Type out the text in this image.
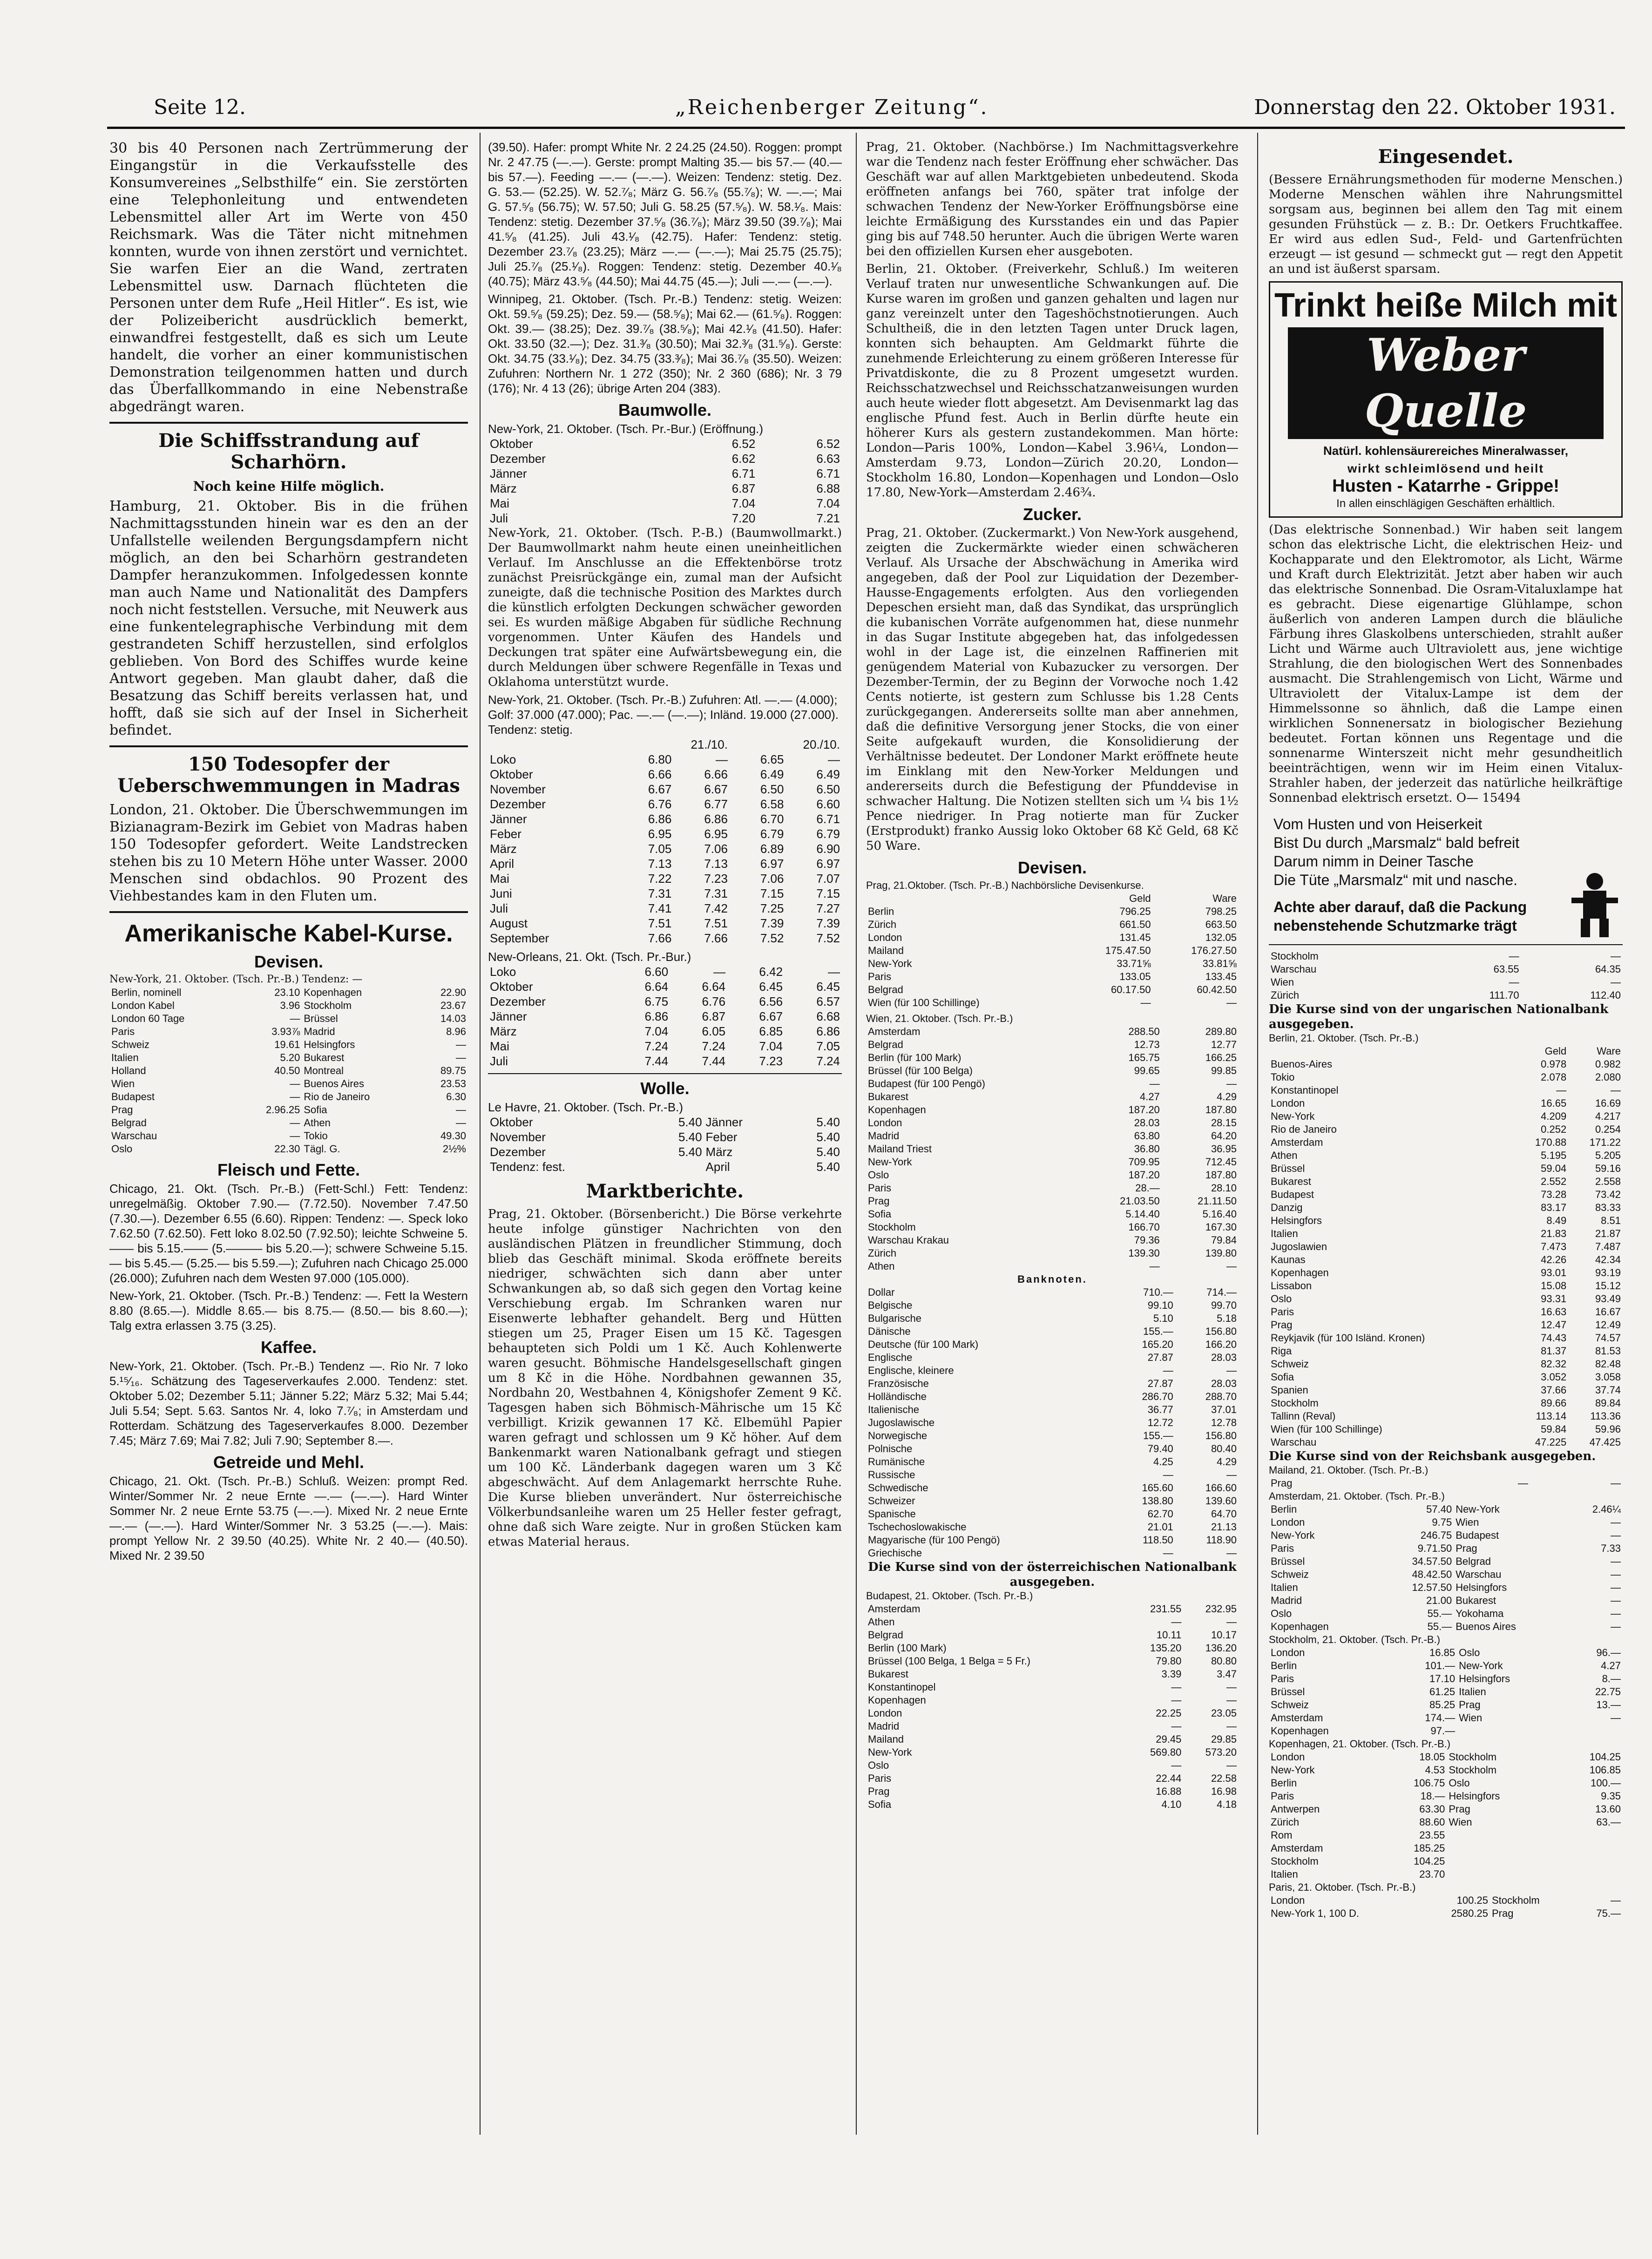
Seite 12.	„Reichenberger Zeitung“.	Donnerstag den 22. Oktober 1931.

30 bis 40 Personen nach Zertrümmerung der Eingangstür in die Verkaufsstelle des Konsumvereines „Selbsthilfe“ ein. Sie zerstörten eine Telephonleitung und entwendeten Lebensmittel aller Art im Werte von 450 Reichsmark. Was die Täter nicht mitnehmen konnten, wurde von ihnen zerstört und vernichtet. Sie warfen Eier an die Wand, zertraten Lebensmittel usw. Darnach flüchteten die Personen unter dem Rufe „Heil Hitler“. Es ist, wie der Polizeibericht ausdrücklich bemerkt, einwandfrei festgestellt, daß es sich um Leute handelt, die vorher an einer kommunistischen Demonstration teilgenommen hatten und durch das Überfallkommando in eine Nebenstraße abgedrängt waren.

Die Schiffsstrandung auf Scharhörn.
Noch keine Hilfe möglich.

Hamburg, 21. Oktober. Bis in die frühen Nachmittagsstunden hinein war es den an der Unfallstelle weilenden Bergungsdampfern nicht möglich, an den bei Scharhörn gestrandeten Dampfer heranzukommen. Infolgedessen konnte man auch Name und Nationalität des Dampfers noch nicht feststellen. Versuche, mit Neuwerk aus eine funkentelegraphische Verbindung mit dem gestrandeten Schiff herzustellen, sind erfolglos geblieben. Von Bord des Schiffes wurde keine Antwort gegeben. Man glaubt daher, daß die Besatzung das Schiff bereits verlassen hat, und hofft, daß sie sich auf der Insel in Sicherheit befindet.

150 Todesopfer der Ueberschwemmungen in Madras

London, 21. Oktober. Die Überschwemmungen im Bizianagram-Bezirk im Gebiet von Madras haben 150 Todesopfer gefordert. Weite Landstrecken stehen bis zu 10 Metern Höhe unter Wasser. 2000 Menschen sind obdachlos. 90 Prozent des Viehbestandes kam in den Fluten um.

Amerikanische Kabel-Kurse.
Devisen.
New-York, 21. Oktober. (Tsch. Pr.-B.) Tendenz: —
Berlin, nominell	23.10	Kopenhagen	22.90
London Kabel	3.96	Stockholm	23.67
London 60 Tage	—	Brüssel	14.03
Paris	3.93⅞	Madrid	8.96
Schweiz	19.61	Helsingfors	—
Italien	5.20	Bukarest	—
Holland	40.50	Montreal	89.75
Wien	—	Buenos Aires	23.53
Budapest	—	Rio de Janeiro	6.30
Prag	2.96.25	Sofia	—
Belgrad	—	Athen	—
Warschau	—	Tokio	49.30
Oslo	22.30	Tägl. G.	2½%
Fleisch und Fette.

Chicago, 21. Okt. (Tsch. Pr.-B.) (Fett-Schl.) Fett: Tendenz: unregelmäßig. Oktober 7.90.— (7.72.50). November 7.47.50 (7.30.—). Dezember 6.55 (6.60). Rippen: Tendenz: —. Speck loko 7.62.50 (7.62.50). Fett loko 8.02.50 (7.92.50); leichte Schweine 5.—— bis 5.15.—— (5.——— bis 5.20.—); schwere Schweine 5.15.— bis 5.45.— (5.25.— bis 5.59.—); Zufuhren nach Chicago 25.000 (26.000); Zufuhren nach dem Westen 97.000 (105.000).

New-York, 21. Oktober. (Tsch. Pr.-B.) Tendenz: —. Fett Ia Western 8.80 (8.65.—). Middle 8.65.— bis 8.75.— (8.50.— bis 8.60.—); Talg extra erlassen 3.75 (3.25).

Kaffee.

New-York, 21. Oktober. (Tsch. Pr.-B.) Tendenz —. Rio Nr. 7 loko 5.¹⁵⁄₁₆. Schätzung des Tageserverkaufes 2.000. Tendenz: stet. Oktober 5.02; Dezember 5.11; Jänner 5.22; März 5.32; Mai 5.44; Juli 5.54; Sept. 5.63. Santos Nr. 4, loko 7.⁷⁄₈; in Amsterdam und Rotterdam. Schätzung des Tageserverkaufes 8.000. Dezember 7.45; März 7.69; Mai 7.82; Juli 7.90; September 8.—.

Getreide und Mehl.

Chicago, 21. Okt. (Tsch. Pr.-B.) Schluß. Weizen: prompt Red. Winter/Sommer Nr. 2 neue Ernte —.— (—.—). Hard Winter Sommer Nr. 2 neue Ernte 53.75 (—.—). Mixed Nr. 2 neue Ernte —.— (—.—). Hard Winter/Sommer Nr. 3 53.25 (—.—). Mais: prompt Yellow Nr. 2 39.50 (40.25). White Nr. 2 40.— (40.50). Mixed Nr. 2 39.50

(39.50). Hafer: prompt White Nr. 2 24.25 (24.50). Roggen: prompt Nr. 2 47.75 (—.—). Gerste: prompt Malting 35.— bis 57.— (40.— bis 57.—). Feeding —.— (—.—). Weizen: Tendenz: stetig. Dez. G. 53.— (52.25). W. 52.⁷⁄₈; März G. 56.⁷⁄₈ (55.⁷⁄₈); W. —.—; Mai G. 57.⁵⁄₈ (56.75); W. 57.50; Juli G. 58.25 (57.⁵⁄₈). W. 58.¹⁄₈. Mais: Tendenz: stetig. Dezember 37.⁵⁄₈ (36.⁷⁄₈); März 39.50 (39.⁷⁄₈); Mai 41.⁵⁄₈ (41.25). Juli 43.¹⁄₈ (42.75). Hafer: Tendenz: stetig. Dezember 23.⁷⁄₈ (23.25); März —.— (—.—); Mai 25.75 (25.75); Juli 25.⁷⁄₈ (25.¹⁄₈). Roggen: Tendenz: stetig. Dezember 40.¹⁄₈ (40.75); März 43.⁵⁄₈ (44.50); Mai 44.75 (45.—); Juli —.— (—.—).

Winnipeg, 21. Oktober. (Tsch. Pr.-B.) Tendenz: stetig. Weizen: Okt. 59.⁵⁄₈ (59.25); Dez. 59.— (58.⁵⁄₈); Mai 62.— (61.⁵⁄₈). Roggen: Okt. 39.— (38.25); Dez. 39.⁷⁄₈ (38.⁵⁄₈); Mai 42.¹⁄₈ (41.50). Hafer: Okt. 33.50 (32.—); Dez. 31.³⁄₈ (30.50); Mai 32.³⁄₈ (31.⁵⁄₈). Gerste: Okt. 34.75 (33.¹⁄₈); Dez. 34.75 (33.³⁄₈); Mai 36.⁷⁄₈ (35.50). Weizen: Zufuhren: Northern Nr. 1 272 (350); Nr. 2 360 (686); Nr. 3 79 (176); Nr. 4 13 (26); übrige Arten 204 (383).

Baumwolle.
New-York, 21. Oktober. (Tsch. Pr.-Bur.) (Eröffnung.)
Oktober	6.52	6.52
Dezember	6.62	6.63
Jänner	6.71	6.71
März	6.87	6.88
Mai	7.04	7.04
Juli	7.20	7.21

New-York, 21. Oktober. (Tsch. P.-B.) (Baumwollmarkt.) Der Baumwollmarkt nahm heute einen uneinheitlichen Verlauf. Im Anschlusse an die Effektenbörse trotz zunächst Preisrückgänge ein, zumal man der Aufsicht zuneigte, daß die technische Position des Marktes durch die künstlich erfolgten Deckungen schwächer geworden sei. Es wurden mäßige Abgaben für südliche Rechnung vorgenommen. Unter Käufen des Handels und Deckungen trat später eine Aufwärtsbewegung ein, die durch Meldungen über schwere Regenfälle in Texas und Oklahoma unterstützt wurde.

New-York, 21. Oktober. (Tsch. Pr.-B.) Zufuhren: Atl. —.— (4.000); Golf: 37.000 (47.000); Pac. —.— (—.—); Inländ. 19.000 (27.000). Tendenz: stetig.
	21./10.		20./10.	
Loko	6.80	—	6.65	—
Oktober	6.66	6.66	6.49	6.49
November	6.67	6.67	6.50	6.50
Dezember	6.76	6.77	6.58	6.60
Jänner	6.86	6.86	6.70	6.71
Feber	6.95	6.95	6.79	6.79
März	7.05	7.06	6.89	6.90
April	7.13	7.13	6.97	6.97
Mai	7.22	7.23	7.06	7.07
Juni	7.31	7.31	7.15	7.15
Juli	7.41	7.42	7.25	7.27
August	7.51	7.51	7.39	7.39
September	7.66	7.66	7.52	7.52
New-Orleans, 21. Okt. (Tsch. Pr.-Bur.)
Loko	6.60	—	6.42	—
Oktober	6.64	6.64	6.45	6.45
Dezember	6.75	6.76	6.56	6.57
Jänner	6.86	6.87	6.67	6.68
März	7.04	6.05	6.85	6.86
Mai	7.24	7.24	7.04	7.05
Juli	7.44	7.44	7.23	7.24
Wolle.
Le Havre, 21. Oktober. (Tsch. Pr.-B.)
Oktober	5.40	Jänner	5.40
November	5.40	Feber	5.40
Dezember	5.40	März	5.40
Tendenz: fest.		April	5.40
Marktberichte.

Prag, 21. Oktober. (Börsenbericht.) Die Börse verkehrte heute infolge günstiger Nachrichten von den ausländischen Plätzen in freundlicher Stimmung, doch blieb das Geschäft minimal. Skoda eröffnete bereits niedriger, schwächten sich dann aber unter Schwankungen ab, so daß sich gegen den Vortag keine Verschiebung ergab. Im Schranken waren nur Eisenwerte lebhafter gehandelt. Berg und Hütten stiegen um 25, Prager Eisen um 15 Kč. Tagesgen behaupteten sich Poldi um 1 Kč. Auch Kohlenwerte waren gesucht. Böhmische Handelsgesellschaft gingen um 8 Kč in die Höhe. Nordbahnen gewannen 35, Nordbahn 20, Westbahnen 4, Königshofer Zement 9 Kč. Tagesgen haben sich Böhmisch-Mährische um 15 Kč verbilligt. Krizik gewannen 17 Kč. Elbemühl Papier waren gefragt und schlossen um 9 Kč höher. Auf dem Bankenmarkt waren Nationalbank gefragt und stiegen um 100 Kč. Länderbank dagegen waren um 3 Kč abgeschwächt. Auf dem Anlagemarkt herrschte Ruhe. Die Kurse blieben unverändert. Nur österreichische Völkerbundsanleihe waren um 25 Heller fester gefragt, ohne daß sich Ware zeigte. Nur in großen Stücken kam etwas Material heraus.

Prag, 21. Oktober. (Nachbörse.) Im Nachmittagsverkehre war die Tendenz nach fester Eröffnung eher schwächer. Das Geschäft war auf allen Marktgebieten unbedeutend. Skoda eröffneten anfangs bei 760, später trat infolge der schwachen Tendenz der New-Yorker Eröffnungsbörse eine leichte Ermäßigung des Kursstandes ein und das Papier ging bis auf 748.50 herunter. Auch die übrigen Werte waren bei den offiziellen Kursen eher ausgeboten.

Berlin, 21. Oktober. (Freiverkehr, Schluß.) Im weiteren Verlauf traten nur unwesentliche Schwankungen auf. Die Kurse waren im großen und ganzen gehalten und lagen nur ganz vereinzelt unter den Tageshöchstnotierungen. Auch Schultheiß, die in den letzten Tagen unter Druck lagen, konnten sich behaupten. Am Geldmarkt führte die zunehmende Erleichterung zu einem größeren Interesse für Privatdiskonte, die zu 8 Prozent umgesetzt wurden. Reichsschatzwechsel und Reichsschatzanweisungen wurden auch heute wieder flott abgesetzt. Am Devisenmarkt lag das englische Pfund fest. Auch in Berlin dürfte heute ein höherer Kurs als gestern zustandekommen. Man hörte: London—Paris 100%, London—Kabel 3.96¼, London—Amsterdam 9.73, London—Zürich 20.20, London—Stockholm 16.80, London—Kopenhagen und London—Oslo 17.80, New-York—Amsterdam 2.46¾.

Zucker.

Prag, 21. Oktober. (Zuckermarkt.) Von New-York ausgehend, zeigten die Zuckermärkte wieder einen schwächeren Verlauf. Als Ursache der Abschwächung in Amerika wird angegeben, daß der Pool zur Liquidation der Dezember-Hausse-Engagements erfolgten. Aus den vorliegenden Depeschen ersieht man, daß das Syndikat, das ursprünglich die kubanischen Vorräte aufgenommen hat, diese nunmehr in das Sugar Institute abgegeben hat, das infolgedessen wohl in der Lage ist, die einzelnen Raffinerien mit genügendem Material von Kubazucker zu versorgen. Der Dezember-Termin, der zu Beginn der Vorwoche noch 1.42 Cents notierte, ist gestern zum Schlusse bis 1.28 Cents zurückgegangen. Andererseits sollte man aber annehmen, daß die definitive Versorgung jener Stocks, die von einer Seite aufgekauft wurden, die Konsolidierung der Verhältnisse bedeutet. Der Londoner Markt eröffnete heute im Einklang mit den New-Yorker Meldungen und andererseits durch die Befestigung der Pfunddevise in schwacher Haltung. Die Notizen stellten sich um ¼ bis 1½ Pence niedriger. In Prag notierte man für Zucker (Erstprodukt) franko Aussig loko Oktober 68 Kč Geld, 68 Kč 50 Ware.

Devisen.
Prag, 21.Oktober. (Tsch. Pr.-B.) Nachbörsliche Devisenkurse.
	Geld	Ware
Berlin	796.25	798.25
Zürich	661.50	663.50
London	131.45	132.05
Mailand	175.47.50	176.27.50
New-York	33.71⅝	33.81⅝
Paris	133.05	133.45
Belgrad	60.17.50	60.42.50
Wien (für 100 Schillinge)	—	—
Wien, 21. Oktober. (Tsch. Pr.-B.)
Amsterdam	288.50	289.80
Belgrad	12.73	12.77
Berlin (für 100 Mark)	165.75	166.25
Brüssel (für 100 Belga)	99.65	99.85
Budapest (für 100 Pengö)	—	—
Bukarest	4.27	4.29
Kopenhagen	187.20	187.80
London	28.03	28.15
Madrid	63.80	64.20
Mailand Triest	36.80	36.95
New-York	709.95	712.45
Oslo	187.20	187.80
Paris	28.—	28.10
Prag	21.03.50	21.11.50
Sofia	5.14.40	5.16.40
Stockholm	166.70	167.30
Warschau Krakau	79.36	79.84
Zürich	139.30	139.80
Athen	—	—
Banknoten.
Dollar	710.—	714.—
Belgische	99.10	99.70
Bulgarische	5.10	5.18
Dänische	155.—	156.80
Deutsche (für 100 Mark)	165.20	166.20
Englische	27.87	28.03
Englische, kleinere	—	—
Französische	27.87	28.03
Holländische	286.70	288.70
Italienische	36.77	37.01
Jugoslawische	12.72	12.78
Norwegische	155.—	156.80
Polnische	79.40	80.40
Rumänische	4.25	4.29
Russische	—	—
Schwedische	165.60	166.60
Schweizer	138.80	139.60
Spanische	62.70	64.70
Tschechoslowakische	21.01	21.13
Magyarische (für 100 Pengö)	118.50	118.90
Griechische	—	—
Die Kurse sind von der österreichischen Nationalbank ausgegeben.
Budapest, 21. Oktober. (Tsch. Pr.-B.)
Amsterdam	231.55	232.95
Athen	—	—
Belgrad	10.11	10.17
Berlin (100 Mark)	135.20	136.20
Brüssel (100 Belga, 1 Belga = 5 Fr.)	79.80	80.80
Bukarest	3.39	3.47
Konstantinopel	—	—
Kopenhagen	—	—
London	22.25	23.05
Madrid	—	—
Mailand	29.45	29.85
New-York	569.80	573.20
Oslo	—	—
Paris	22.44	22.58
Prag	16.88	16.98
Sofia	4.10	4.18
Eingesendet.

(Bessere Ernährungsmethoden für moderne Menschen.) Moderne Menschen wählen ihre Nahrungsmittel sorgsam aus, beginnen bei allem den Tag mit einem gesunden Frühstück — z. B.: Dr. Oetkers Fruchtkaffee. Er wird aus edlen Sud-, Feld- und Gartenfrüchten erzeugt — ist gesund — schmeckt gut — regt den Appetit an und ist äußerst sparsam.

Trinkt heiße Milch mit
Weber Quelle
Natürl. kohlensäurereiches Mineralwasser,
wirkt schleimlösend und heilt
Husten - Katarrhe - Grippe!
In allen einschlägigen Geschäften erhältlich.

(Das elektrische Sonnenbad.) Wir haben seit langem schon das elektrische Licht, die elektrischen Heiz- und Kochapparate und den Elektromotor, als Licht, Wärme und Kraft durch Elektrizität. Jetzt aber haben wir auch das elektrische Sonnenbad. Die Osram-Vitaluxlampe hat es gebracht. Diese eigenartige Glühlampe, schon äußerlich von anderen Lampen durch die bläuliche Färbung ihres Glaskolbens unterschieden, strahlt außer Licht und Wärme auch Ultraviolett aus, jene wichtige Strahlung, die den biologischen Wert des Sonnenbades ausmacht. Die Strahlengemisch von Licht, Wärme und Ultraviolett der Vitalux-Lampe ist dem der Himmelssonne so ähnlich, daß die Lampe einen wirklichen Sonnenersatz in biologischer Beziehung bedeutet. Fortan können uns Regentage und die sonnenarme Winterszeit nicht mehr gesundheitlich beeinträchtigen, wenn wir im Heim einen Vitalux-Strahler haben, der jederzeit das natürliche heilkräftige Sonnenbad elektrisch ersetzt. O— 15494

Vom Husten und von Heiserkeit
Bist Du durch „Marsmalz“ bald befreit
Darum nimm in Deiner Tasche
Die Tüte „Marsmalz“ mit und nasche.
Achte aber darauf, daß die Packung
nebenstehende Schutzmarke trägt
Stockholm	—	—
Warschau	63.55	64.35
Wien	—	—
Zürich	111.70	112.40
Die Kurse sind von der ungarischen Nationalbank ausgegeben.
Berlin, 21. Oktober. (Tsch. Pr.-B.)
	Geld	Ware
Buenos-Aires	0.978	0.982
Tokio	2.078	2.080
Konstantinopel	—	—
London	16.65	16.69
New-York	4.209	4.217
Rio de Janeiro	0.252	0.254
Amsterdam	170.88	171.22
Athen	5.195	5.205
Brüssel	59.04	59.16
Bukarest	2.552	2.558
Budapest	73.28	73.42
Danzig	83.17	83.33
Helsingfors	8.49	8.51
Italien	21.83	21.87
Jugoslawien	7.473	7.487
Kaunas	42.26	42.34
Kopenhagen	93.01	93.19
Lissabon	15.08	15.12
Oslo	93.31	93.49
Paris	16.63	16.67
Prag	12.47	12.49
Reykjavik (für 100 Isländ. Kronen)	74.43	74.57
Riga	81.37	81.53
Schweiz	82.32	82.48
Sofia	3.052	3.058
Spanien	37.66	37.74
Stockholm	89.66	89.84
Tallinn (Reval)	113.14	113.36
Wien (für 100 Schillinge)	59.84	59.96
Warschau	47.225	47.425
Die Kurse sind von der Reichsbank ausgegeben.
Mailand, 21. Oktober. (Tsch. Pr.-B.)
Prag	—	—
Amsterdam, 21. Oktober. (Tsch. Pr.-B.)
Berlin	57.40	New-York	2.46¼
London	9.75	Wien	—
New-York	246.75	Budapest	—
Paris	9.71.50	Prag	7.33
Brüssel	34.57.50	Belgrad	—
Schweiz	48.42.50	Warschau	—
Italien	12.57.50	Helsingfors	—
Madrid	21.00	Bukarest	—
Oslo	55.—	Yokohama	—
Kopenhagen	55.—	Buenos Aires	—
Stockholm, 21. Oktober. (Tsch. Pr.-B.)
London	16.85	Oslo	96.—
Berlin	101.—	New-York	4.27
Paris	17.10	Helsingfors	8.—
Brüssel	61.25	Italien	22.75
Schweiz	85.25	Prag	13.—
Amsterdam	174.—	Wien	—
Kopenhagen	97.—		
Kopenhagen, 21. Oktober. (Tsch. Pr.-B.)
London	18.05	Stockholm	104.25
New-York	4.53	Stockholm	106.85
Berlin	106.75	Oslo	100.—
Paris	18.—	Helsingfors	9.35
Antwerpen	63.30	Prag	13.60
Zürich	88.60	Wien	63.—
Rom	23.55		
Amsterdam	185.25		
Stockholm	104.25		
Italien	23.70		
Paris, 21. Oktober. (Tsch. Pr.-B.)
London	100.25	Stockholm	—
New-York 1, 100 D.	2580.25	Prag	75.—
